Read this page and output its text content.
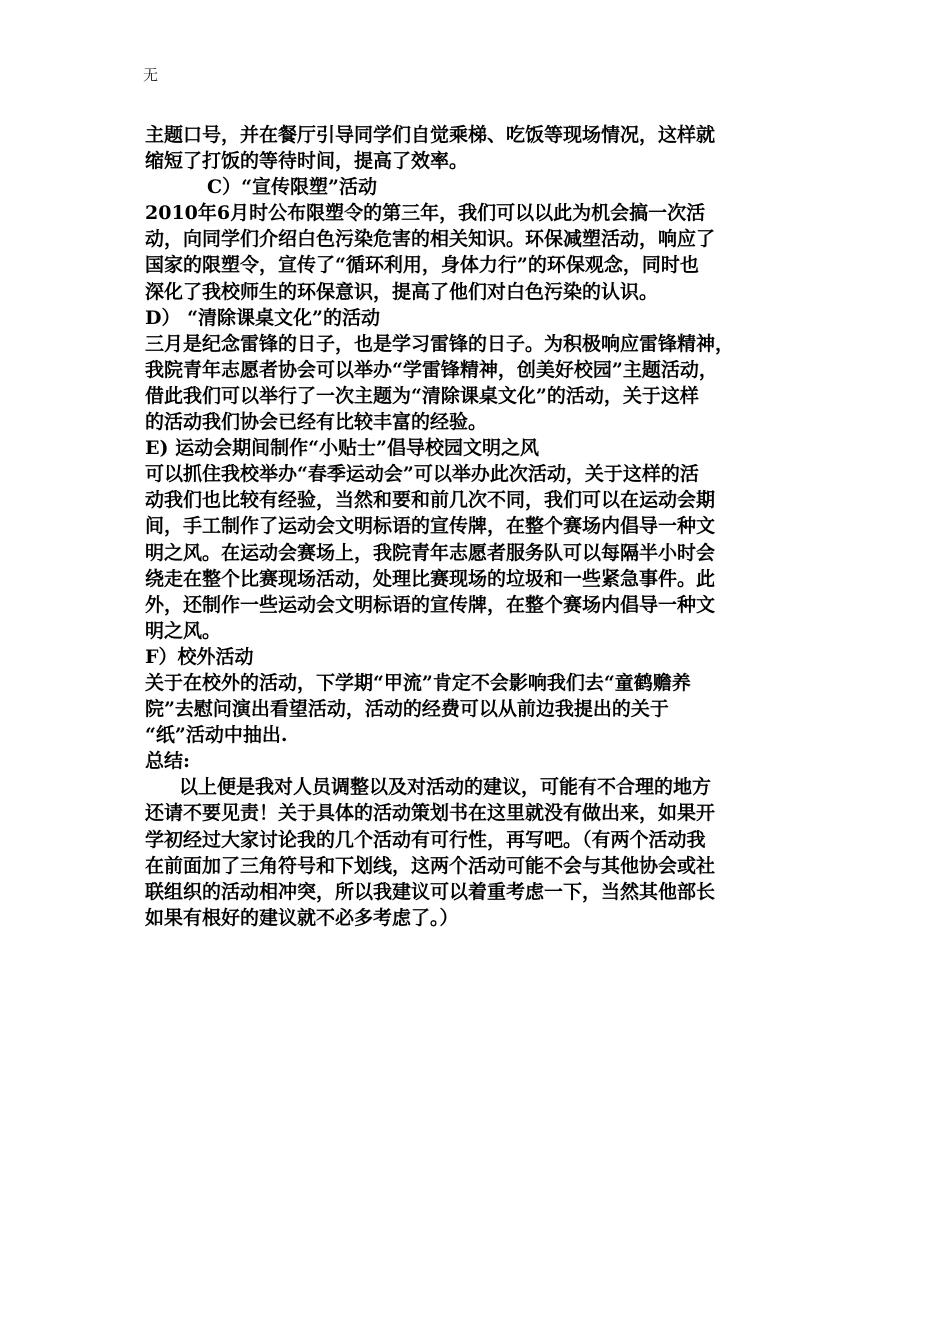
无
主题口号，并在餐厅引导同学们自觉乘梯、吃饭等现场情况，这样就
缩短了打饭的等待时间，提高了效率。
C）“宣传限塑”活动
2010年6月时公布限塑令的第三年，我们可以以此为机会搞一次活
动，向同学们介绍白色污染危害的相关知识。环保减塑活动，响应了
国家的限塑令，宣传了“循环利用，身体力行”的环保观念，同时也
深化了我校师生的环保意识，提高了他们对白色污染的认识。
D） “清除课桌文化”的活动
三月是纪念雷锋的日子，也是学习雷锋的日子。为积极响应雷锋精神，
我院青年志愿者协会可以举办“学雷锋精神，创美好校园”主题活动，
借此我们可以举行了一次主题为“清除课桌文化”的活动，关于这样
的活动我们协会已经有比较丰富的经验。
E) 运动会期间制作“小贴士”倡导校园文明之风
可以抓住我校举办“春季运动会”可以举办此次活动，关于这样的活
动我们也比较有经验，当然和要和前几次不同，我们可以在运动会期
间，手工制作了运动会文明标语的宣传牌，在整个赛场内倡导一种文
明之风。在运动会赛场上，我院青年志愿者服务队可以每隔半小时会
绕走在整个比赛现场活动，处理比赛现场的垃圾和一些紧急事件。此
外，还制作一些运动会文明标语的宣传牌，在整个赛场内倡导一种文
明之风。
F）校外活动
关于在校外的活动，下学期“甲流”肯定不会影响我们去“童鹤赡养
院”去慰问演出看望活动，活动的经费可以从前边我提出的关于
“纸”活动中抽出.
总结:
以上便是我对人员调整以及对活动的建议，可能有不合理的地方
还请不要见责！关于具体的活动策划书在这里就没有做出来，如果开
学初经过大家讨论我的几个活动有可行性，再写吧。（有两个活动我
在前面加了三角符号和下划线，这两个活动可能不会与其他协会或社
联组织的活动相冲突，所以我建议可以着重考虑一下，当然其他部长
如果有根好的建议就不必多考虑了。）
